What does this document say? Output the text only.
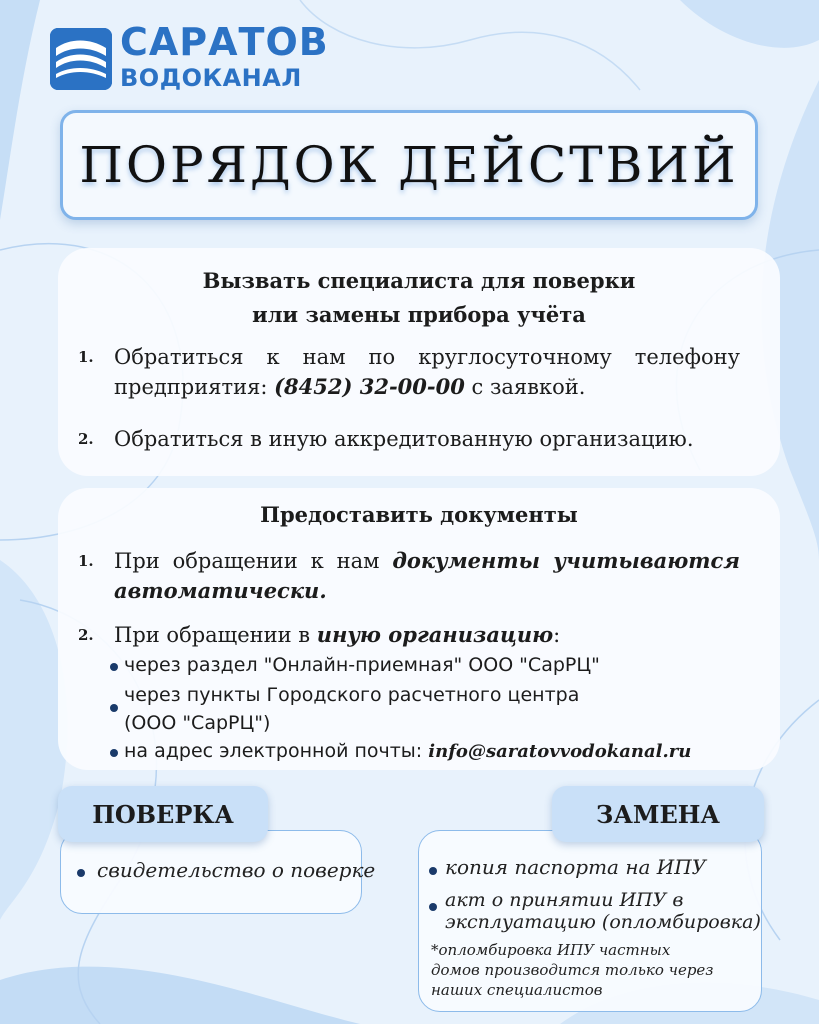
САРАТОВ
ВОДОКАНАЛ
ПОРЯДОК ДЕЙСТВИЙ
Вызвать специалиста для поверки
или замены прибора учёта
1. Обратиться к нам по круглосуточному телефону предприятия: (8452) 32-00-00 с заявкой.
2. Обратиться в иную аккредитованную организацию.
Предоставить документы
1. При обращении к нам документы учитываются автоматически.
2. При обращении в иную организацию:
через раздел "Онлайн-приемная" ООО "СарРЦ"
через пункты Городского расчетного центра
(ООО "СарРЦ")
на адрес электронной почты: info@saratovvodokanal.ru
свидетельство о поверке
ПОВЕРКА
копия паспорта на ИПУ
акт о принятии ИПУ в
эксплуатацию (опломбировка)
*опломбировка ИПУ частных
домов производится только через
наших специалистов
ЗАМЕНА
